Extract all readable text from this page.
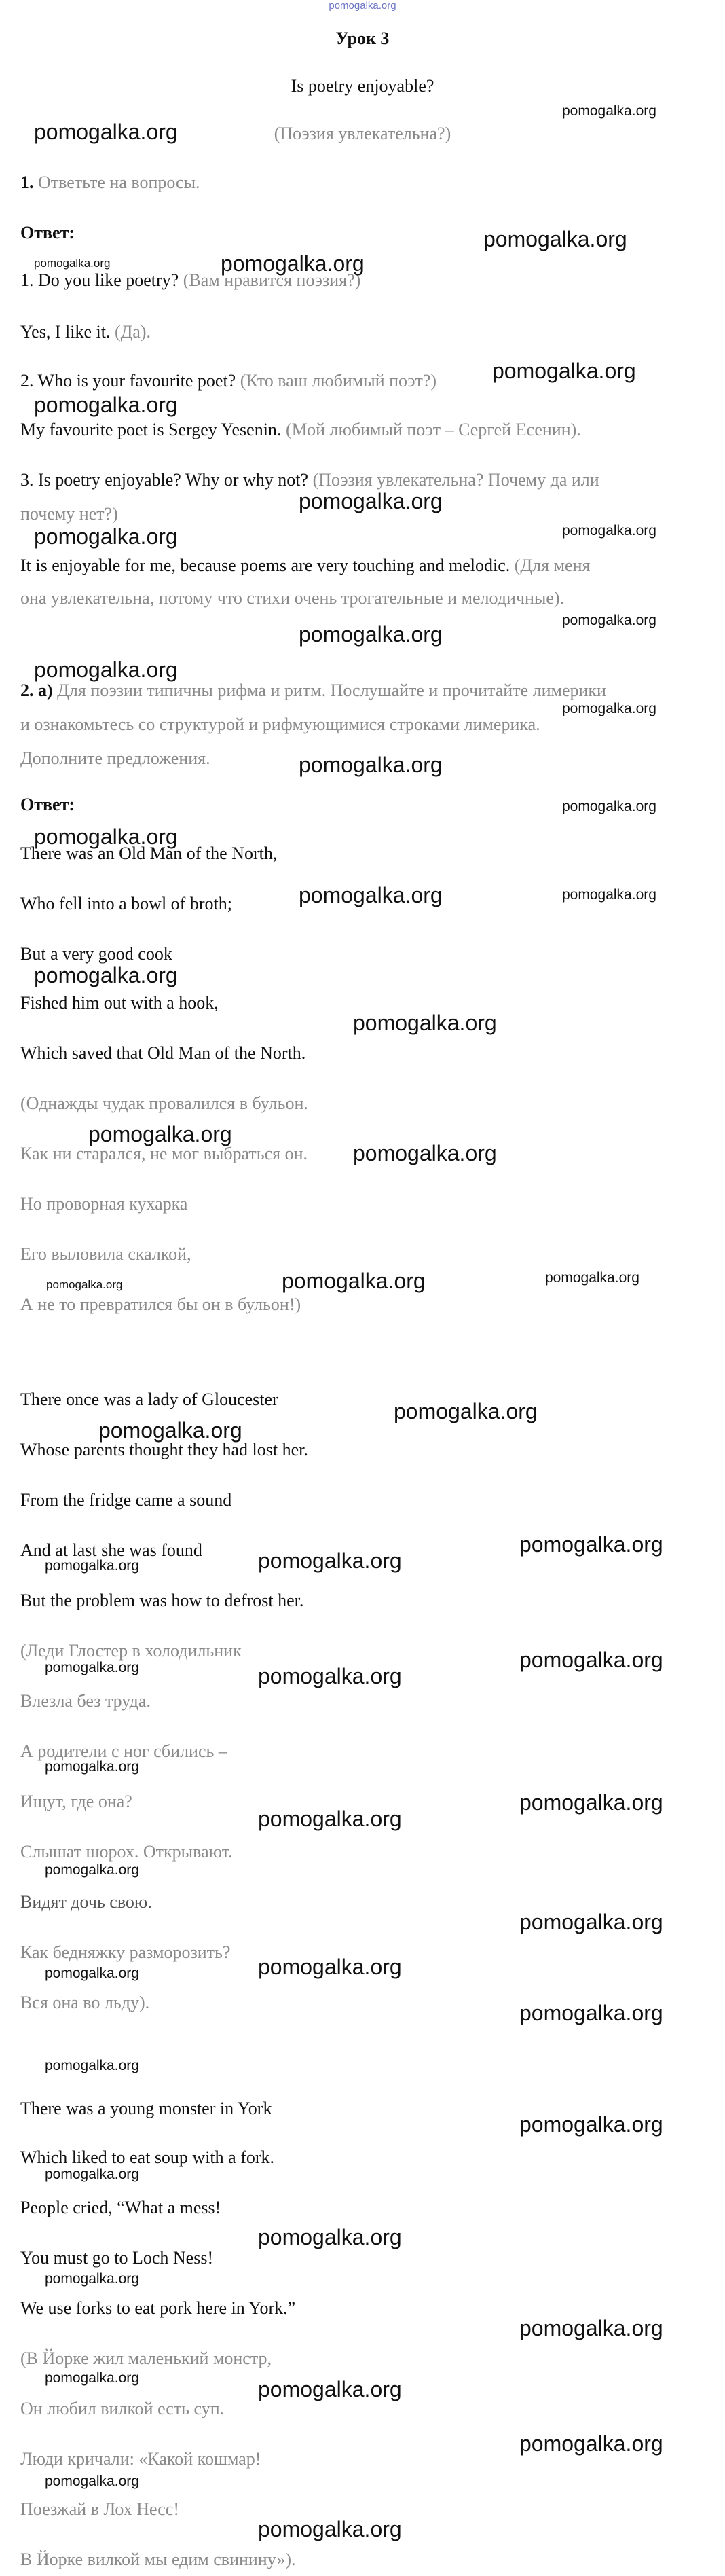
pomogalka.org
Урок 3
Is poetry enjoyable?
(Поэзия увлекательна?)
1. Ответьте на вопросы.
Ответ:
1. Do you like poetry? (Вам нравится поэзия?)
Yes, I like it. (Да).
2. Who is your favourite poet? (Кто ваш любимый поэт?)
My favourite poet is Sergey Yesenin. (Мой любимый поэт – Сергей Есенин).
3. Is poetry enjoyable? Why or why not? (Поэзия увлекательна? Почему да или
почему нет?)
It is enjoyable for me, because poems are very touching and melodic. (Для меня
она увлекательна, потому что стихи очень трогательные и мелодичные).
2. а) Для поэзии типичны рифма и ритм. Послушайте и прочитайте лимерики
и ознакомьтесь со структурой и рифмующимися строками лимерика.
Дополните предложения.
Ответ:
There was an Old Man of the North,
Who fell into a bowl of broth;
But a very good cook
Fished him out with a hook,
Which saved that Old Man of the North.
(Однажды чудак провалился в бульон.
Как ни старался, не мог выбраться он.
Но проворная кухарка
Его выловила скалкой,
А не то превратился бы он в бульон!)
There once was a lady of Gloucester
Whose parents thought they had lost her.
From the fridge came a sound
And at last she was found
But the problem was how to defrost her.
(Леди Глостер в холодильник
Влезла без труда.
А родители с ног сбились –
Ищут, где она?
Слышат шорох. Открывают.
Видят дочь свою.
Как бедняжку разморозить?
Вся она во льду).
There was a young monster in York
Which liked to eat soup with a fork.
People cried, “What a mess!
You must go to Loch Ness!
We use forks to eat pork here in York.”
(В Йорке жил маленький монстр,
Он любил вилкой есть суп.
Люди кричали: «Какой кошмар!
Поезжай в Лох Несс!
В Йорке вилкой мы едим свинину»).
pomogalka.org
pomogalka.org
pomogalka.org	pomogalka.org
pomogalka.org
pomogalka.org
pomogalka.org
pomogalka.org
pomogalka.org	pomogalka.org
pomogalka.org
pomogalka.org
pomogalka.org
pomogalka.org
pomogalka.org
pomogalka.org
pomogalka.org
pomogalka.org	pomogalka.org
pomogalka.org
pomogalka.org
pomogalka.org
pomogalka.org
pomogalka.org	pomogalka.org	pomogalka.org
pomogalka.org
pomogalka.org
pomogalka.org	pomogalka.org
pomogalka.org
pomogalka.org	pomogalka.org
pomogalka.org
pomogalka.org
pomogalka.org
pomogalka.org
pomogalka.org
pomogalka.org
pomogalka.org	pomogalka.org
pomogalka.org
pomogalka.org
pomogalka.org
pomogalka.org
pomogalka.org
pomogalka.org
pomogalka.org
pomogalka.org	pomogalka.org
pomogalka.org
pomogalka.org
pomogalka.org
